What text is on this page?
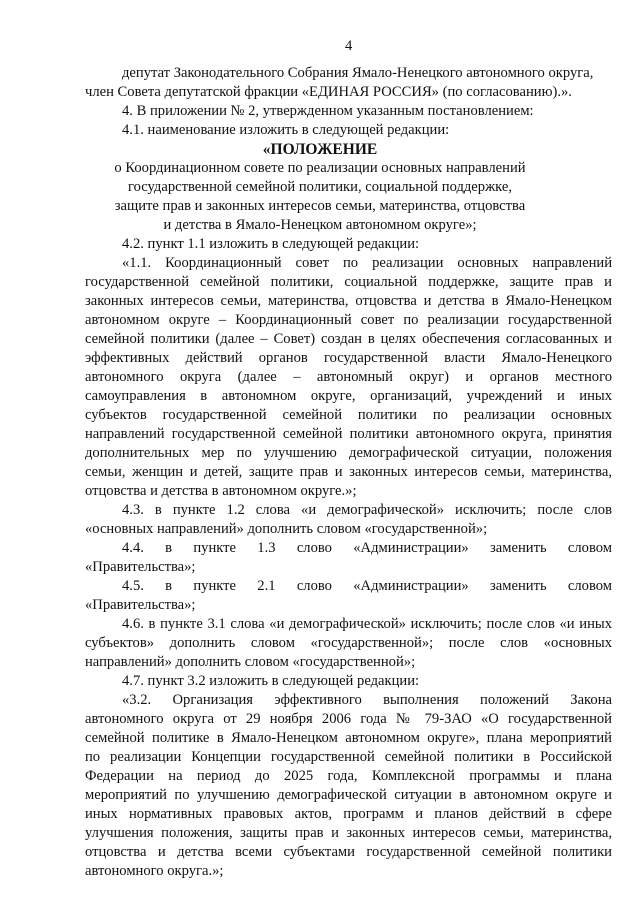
4

депутат Законодательного Собрания Ямало-Ненецкого автономного округа,

член Совета депутатской фракции «ЕДИНАЯ РОССИЯ» (по согласованию).».

4. В приложении № 2, утвержденном указанным постановлением:

4.1. наименование изложить в следующей редакции:

«ПОЛОЖЕНИЕ

о Координационном совете по реализации основных направлений

государственной семейной политики, социальной поддержке,

защите прав и законных интересов семьи, материнства, отцовства

и детства в Ямало-Ненецком автономном округе»;

4.2. пункт 1.1 изложить в следующей редакции:

«1.1. Координационный совет по реализации основных направлений

государственной семейной политики, социальной поддержке, защите прав и

законных интересов семьи, материнства, отцовства и детства в Ямало-Ненецком

автономном округе – Координационный совет по реализации государственной

семейной политики (далее – Совет) создан в целях обеспечения согласованных и

эффективных действий органов государственной власти Ямало-Ненецкого

автономного округа (далее – автономный округ) и органов местного

самоуправления в автономном округе, организаций, учреждений и иных

субъектов государственной семейной политики по реализации основных

направлений государственной семейной политики автономного округа, принятия

дополнительных мер по улучшению демографической ситуации, положения

семьи, женщин и детей, защите прав и законных интересов семьи, материнства,

отцовства и детства в автономном округе.»;

4.3. в пункте 1.2 слова «и демографической» исключить; после слов

«основных направлений» дополнить словом «государственной»;

4.4. в пункте 1.3 слово «Администрации» заменить словом

«Правительства»;

4.5. в пункте 2.1 слово «Администрации» заменить словом

«Правительства»;

4.6. в пункте 3.1 слова «и демографической» исключить; после слов «и иных

субъектов» дополнить словом «государственной»; после слов «основных

направлений» дополнить словом «государственной»;

4.7. пункт 3.2 изложить в следующей редакции:

«3.2. Организация эффективного выполнения положений Закона

автономного округа от 29 ноября 2006 года № 79-ЗАО «О государственной

семейной политике в Ямало-Ненецком автономном округе», плана мероприятий

по реализации Концепции государственной семейной политики в Российской

Федерации на период до 2025 года, Комплексной программы и плана

мероприятий по улучшению демографической ситуации в автономном округе и

иных нормативных правовых актов, программ и планов действий в сфере

улучшения положения, защиты прав и законных интересов семьи, материнства,

отцовства и детства всеми субъектами государственной семейной политики

автономного округа.»;
